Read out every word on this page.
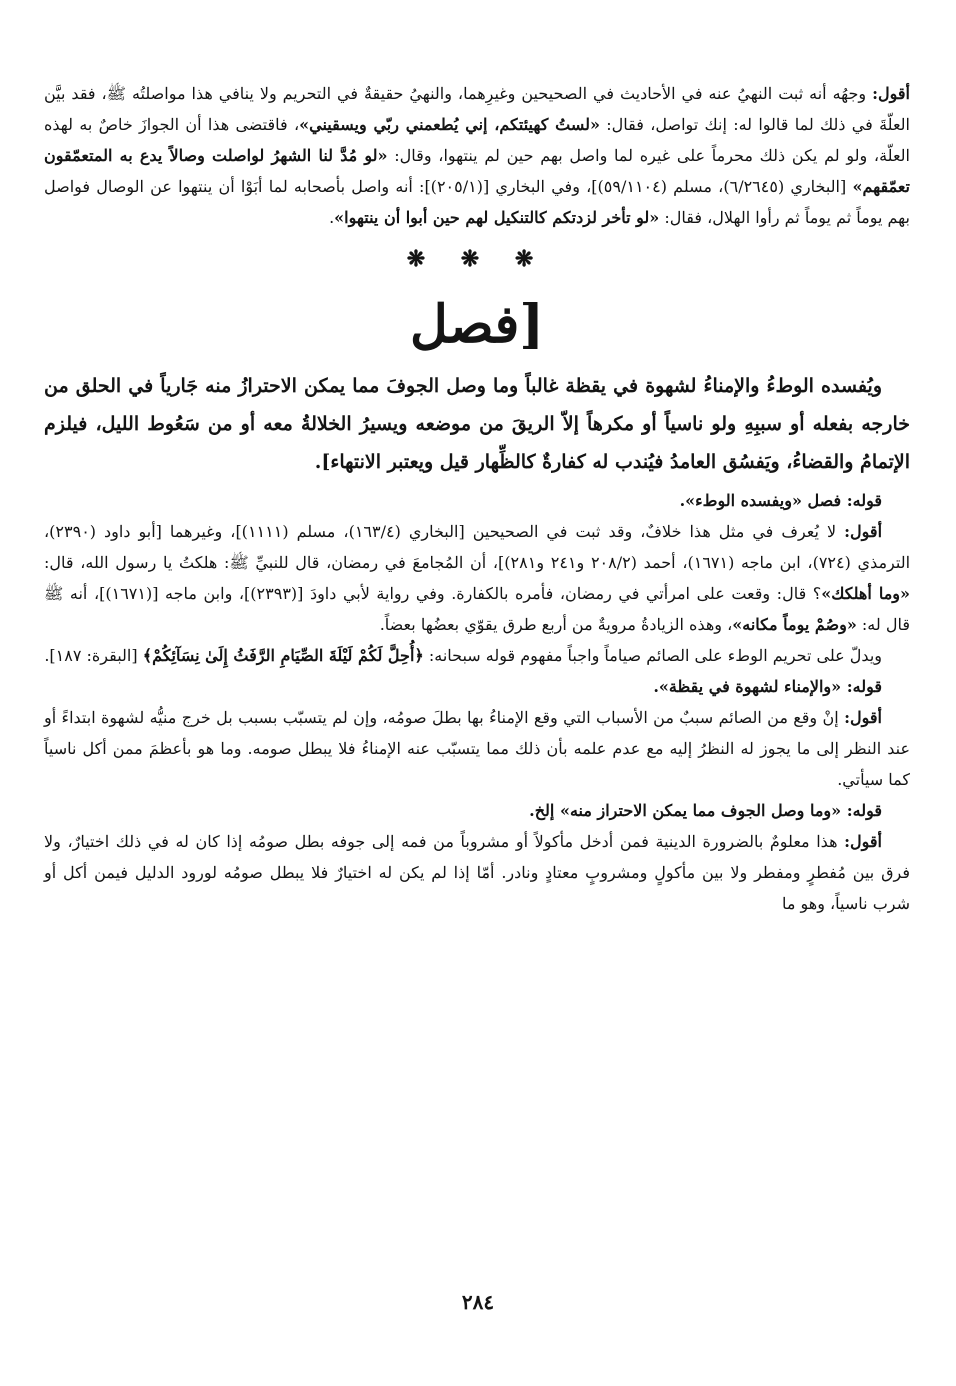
أقول: وجهُه أنه ثبت النهيُ عنه في الأحاديث في الصحيحين وغيرِهما، والنهيُ حقيقةٌ في التحريم ولا ينافي هذا مواصلتُه ﷺ، فقد بيَّن العلّةَ في ذلك لما قالوا له: إنك تواصل، فقال: «لستُ كهيئتكم، إني يُطعمني ربّي ويسقيني»، فاقتضى هذا أن الجوازَ خاصٌ به لهذه العلّة، ولو لم يكن ذلك محرماً على غيره لما واصل بهم حين لم ينتهوا، وقال: «لو مُدَّ لنا الشهرُ لواصلت وصالاً يدع به المتعمّقون تعمّقهم» [البخاري (٦/٢٦٤٥)، مسلم (٥٩/١١٠٤)]، وفي البخاري [(٢٠٥/١)]: أنه واصل بأصحابه لما أبَوْا أن ينتهوا عن الوصال فواصل بهم يوماً ثم يوماً ثم رأوا الهلال، فقال: «لو تأخر لزدتكم كالتنكيل لهم حين أبوا أن ينتهوا».

❋ ❋ ❋
[فصل

ويُفسده الوطءُ والإمناءُ لشهوة في يقظة غالباً وما وصل الجوفَ مما يمكن الاحترازُ منه جَارياً في الحلق من خارجه بفعله أو سببِهِ ولو ناسياً أو مكرهاً إلاّ الريقَ من موضعه ويسيرُ الخلالةُ معه أو من سَعُوط الليل، فيلزم الإتمامُ والقضاءُ، ويَفسُق العامدُ فيُندب له كفارةٌ كالظِّهار قيل ويعتبر الانتهاء].

قوله: فصل «ويفسده الوطء».

أقول: لا يُعرف في مثل هذا خلافٌ، وقد ثبت في الصحيحين [البخاري (١٦٣/٤)، مسلم (١١١١)]، وغيرهما [أبو داود (٢٣٩٠)، الترمذي (٧٢٤)، ابن ماجه (١٦٧١)، أحمد (٢٠٨/٢ و٢٤١ و٢٨١)]، أن المُجامعَ في رمضان، قال للنبيِّ ﷺ: هلكتُ يا رسول الله، قال: «وما أهلكك»؟ قال: وقعت على امرأتي في رمضان، فأمره بالكفارة. وفي رواية لأبي داودَ [(٢٣٩٣)]، وابن ماجه [(١٦٧١)]، أنه ﷺ قال له: «وصُمْ يوماً مكانه»، وهذه الزيادةُ مرويةٌ من أربع طرق يقوّي بعضُها بعضاً.

ويدلّ على تحريم الوطء على الصائم صياماً واجباً مفهوم قوله سبحانه: ﴿أُحِلَّ لَكُمْ لَيْلَةَ الصِّيَامِ الرَّفَثُ إِلَىٰ نِسَآئِكُمْ﴾ [البقرة: ١٨٧].

قوله: «والإمناء لشهوة في يقظة».

أقول: إنْ وقع من الصائم سببٌ من الأسباب التي وقع الإمناءُ بها بطلَ صومُه، وإن لم يتسبّب بسبب بل خرج منيُّه لشهوة ابتداءً أو عند النظر إلى ما يجوز له النظرُ إليه مع عدم علمه بأن ذلك مما يتسبّب عنه الإمناءُ فلا يبطل صومه. وما هو بأعظمَ ممن أكل ناسياً كما سيأتي.

قوله: «وما وصل الجوف مما يمكن الاحتراز منه» إلخ.

أقول: هذا معلومٌ بالضرورة الدينية فمن أدخل مأكولاً أو مشروباً من فمه إلى جوفه بطل صومُه إذا كان له في ذلك اختيارٌ، ولا فرق بين مُفطرٍ ومفطر ولا بين مأكولٍ ومشروبٍ معتادٍ ونادر. أمّا إذا لم يكن له اختيارٌ فلا يبطل صومُه لورود الدليل فيمن أكل أو شرب ناسياً، وهو ما

٢٨٤
